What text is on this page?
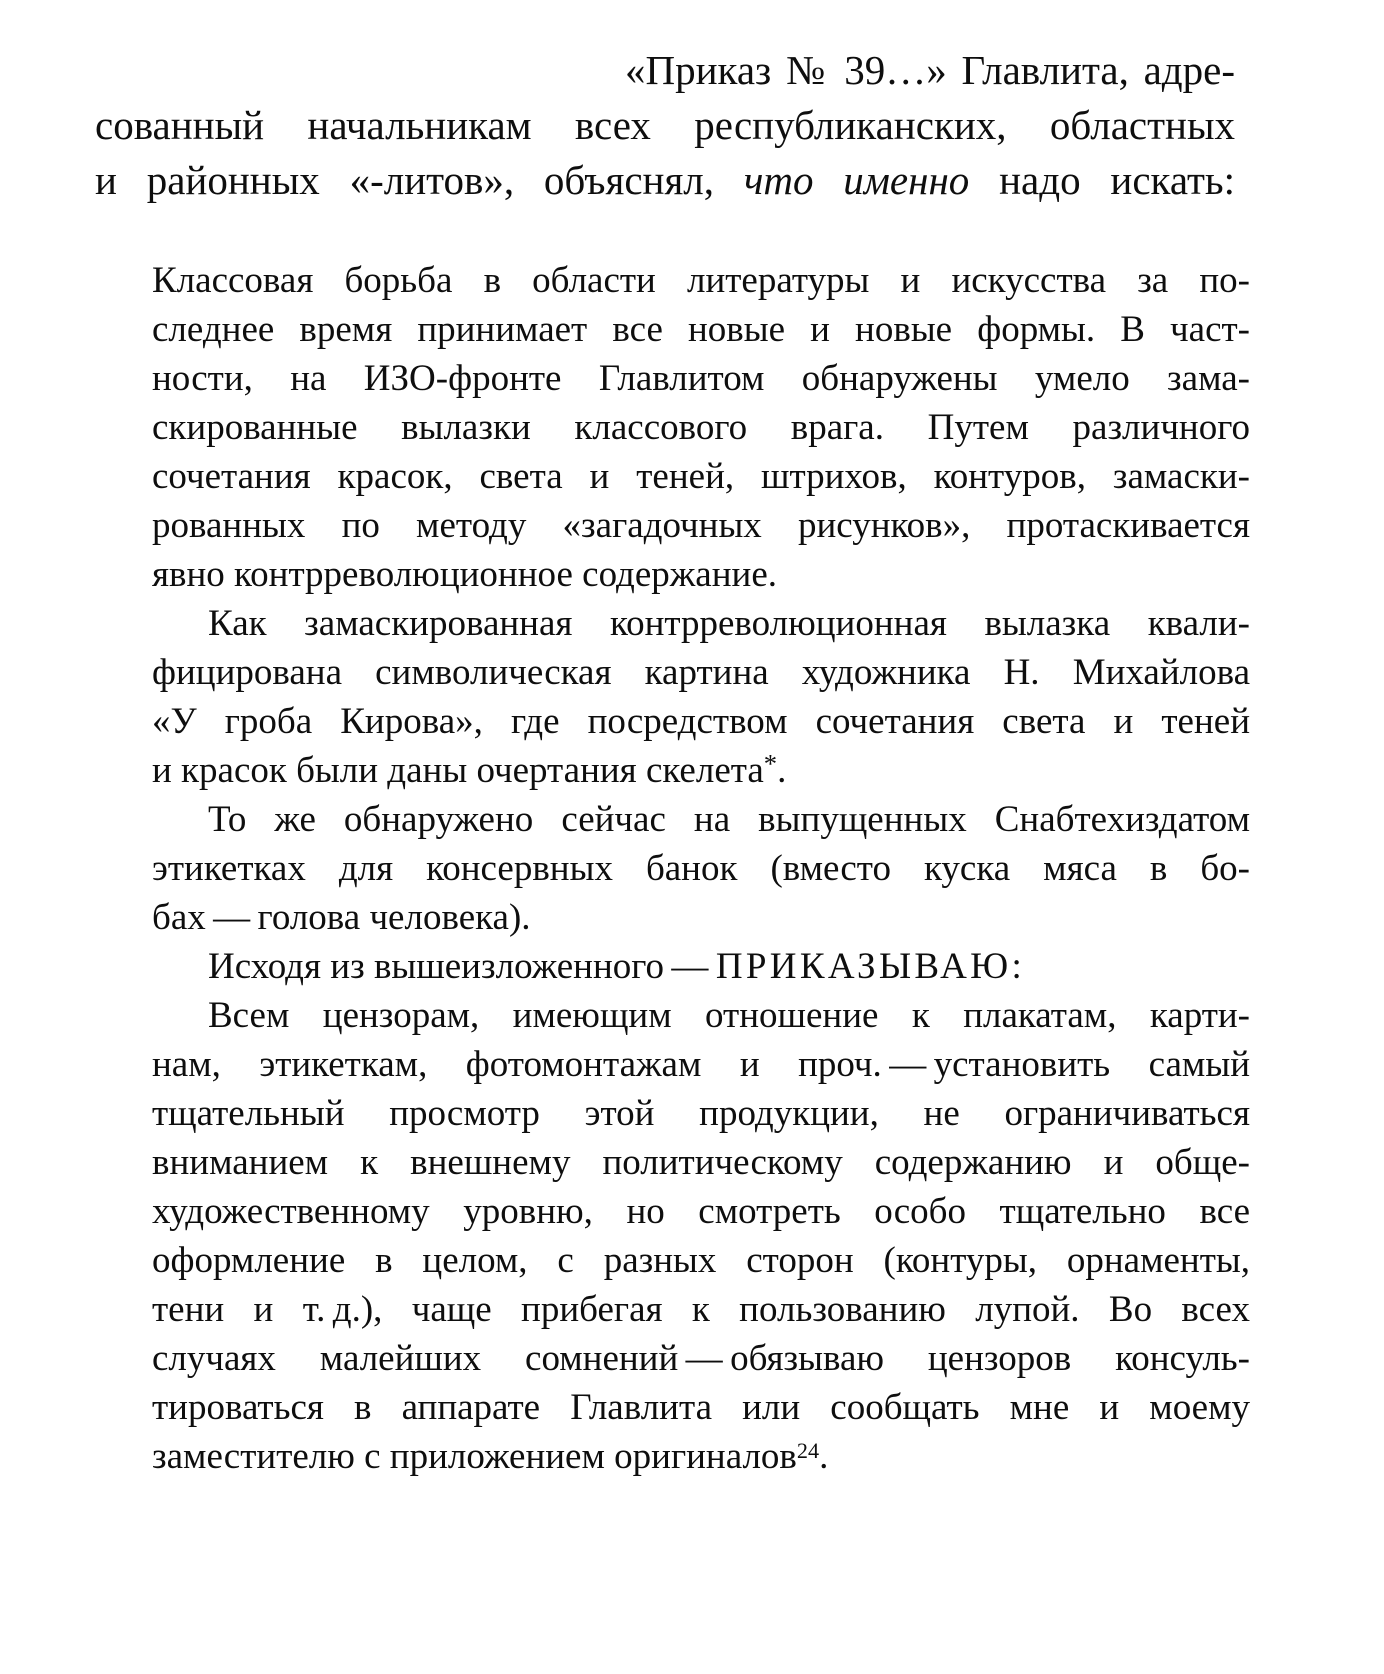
«Приказ № 39…» Главлита, адре-
сованный начальникам всех республиканских, областных
и районных «-литов», объяснял, что именно надо искать:
Классовая борьба в области литературы и искусства за по-
следнее время принимает все новые и новые формы. В част-
ности, на ИЗО-фронте Главлитом обнаружены умело зама-
скированные вылазки классового врага. Путем различного
сочетания красок, света и теней, штрихов, контуров, замаски-
рованных по методу «загадочных рисунков», протаскивается
явно контрреволюционное содержание.
Как замаскированная контрреволюционная вылазка квали-
фицирована символическая картина художника Н. Михайлова
«У гроба Кирова», где посредством сочетания света и теней
и красок были даны очертания скелета*.
То же обнаружено сейчас на выпущенных Снабтехиздатом
этикетках для консервных банок (вместо куска мяса в бо-
бах — голова человека).
Исходя из вышеизложенного — ПРИКАЗЫВАЮ:
Всем цензорам, имеющим отношение к плакатам, карти-
нам, этикеткам, фотомонтажам и проч. — установить самый
тщательный просмотр этой продукции, не ограничиваться
вниманием к внешнему политическому содержанию и обще-
художественному уровню, но смотреть особо тщательно все
оформление в целом, с разных сторон (контуры, орнаменты,
тени и т. д.), чаще прибегая к пользованию лупой. Во всех
случаях малейших сомнений — обязываю цензоров консуль-
тироваться в аппарате Главлита или сообщать мне и моему
заместителю с приложением оригиналов$^{24}$.
